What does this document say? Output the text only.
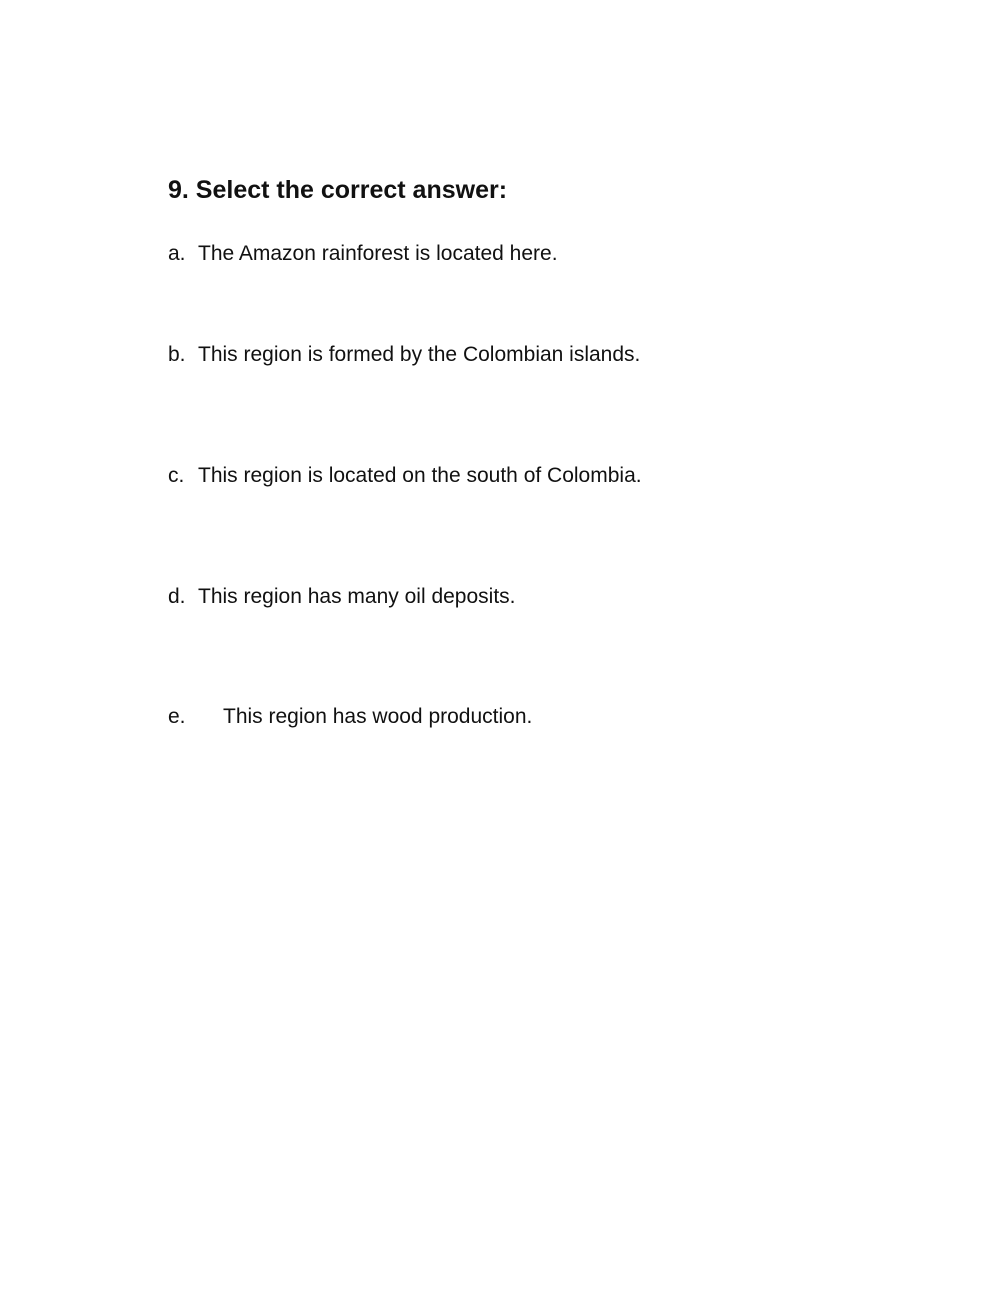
9. Select the correct answer:
a. The Amazon rainforest is located here.
b. This region is formed by the Colombian islands.
c. This region is located on the south of Colombia.
d. This region has many oil deposits.
e. This region has wood production.
